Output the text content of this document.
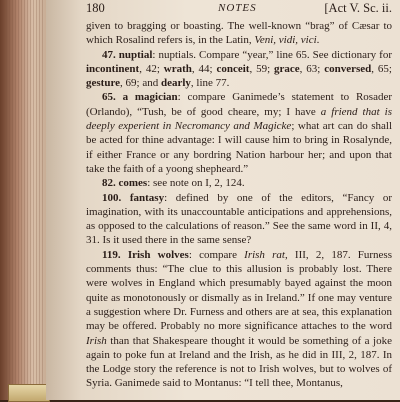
180	NOTES	[Act V. Sc. ii.
given to bragging or boasting. The well-known “brag” of Cæsar to which Rosalind refers is, in the Latin, Veni, vidi, vici.
47. nuptial: nuptials. Compare “year,” line 65. See dictionary for incontinent, 42; wrath, 44; conceit, 59; grace, 63; conversed, 65; gesture, 69; and dearly, line 77.
65. a magician: compare Ganimede’s statement to Rosader (Orlando), “Tush, be of good cheare, my; I have a friend that is deeply experient in Necromancy and Magicke; what art can do shall be acted for thine advantage: I will cause him to bring in Rosalynde, if either France or any bordring Nation harbour her; and upon that take the faith of a yoong shepheard.”
82. comes: see note on I, 2, 124.
100. fantasy: defined by one of the editors, “Fancy or imagination, with its unaccountable anticipations and apprehensions, as opposed to the calculations of reason.” See the same word in II, 4, 31. Is it used there in the same sense?
119. Irish wolves: compare Irish rat, III, 2, 187. Furness comments thus: “The clue to this allusion is probably lost. There were wolves in England which presumably bayed against the moon quite as monotonously or dismally as in Ireland.” If one may venture a suggestion where Dr. Furness and others are at sea, this explanation may be offered. Probably no more significance attaches to the word Irish than that Shakespeare thought it would be something of a joke again to poke fun at Ireland and the Irish, as he did in III, 2, 187. In the Lodge story the reference is not to Irish wolves, but to wolves of Syria. Ganimede said to Montanus: “I tell thee, Montanus,
